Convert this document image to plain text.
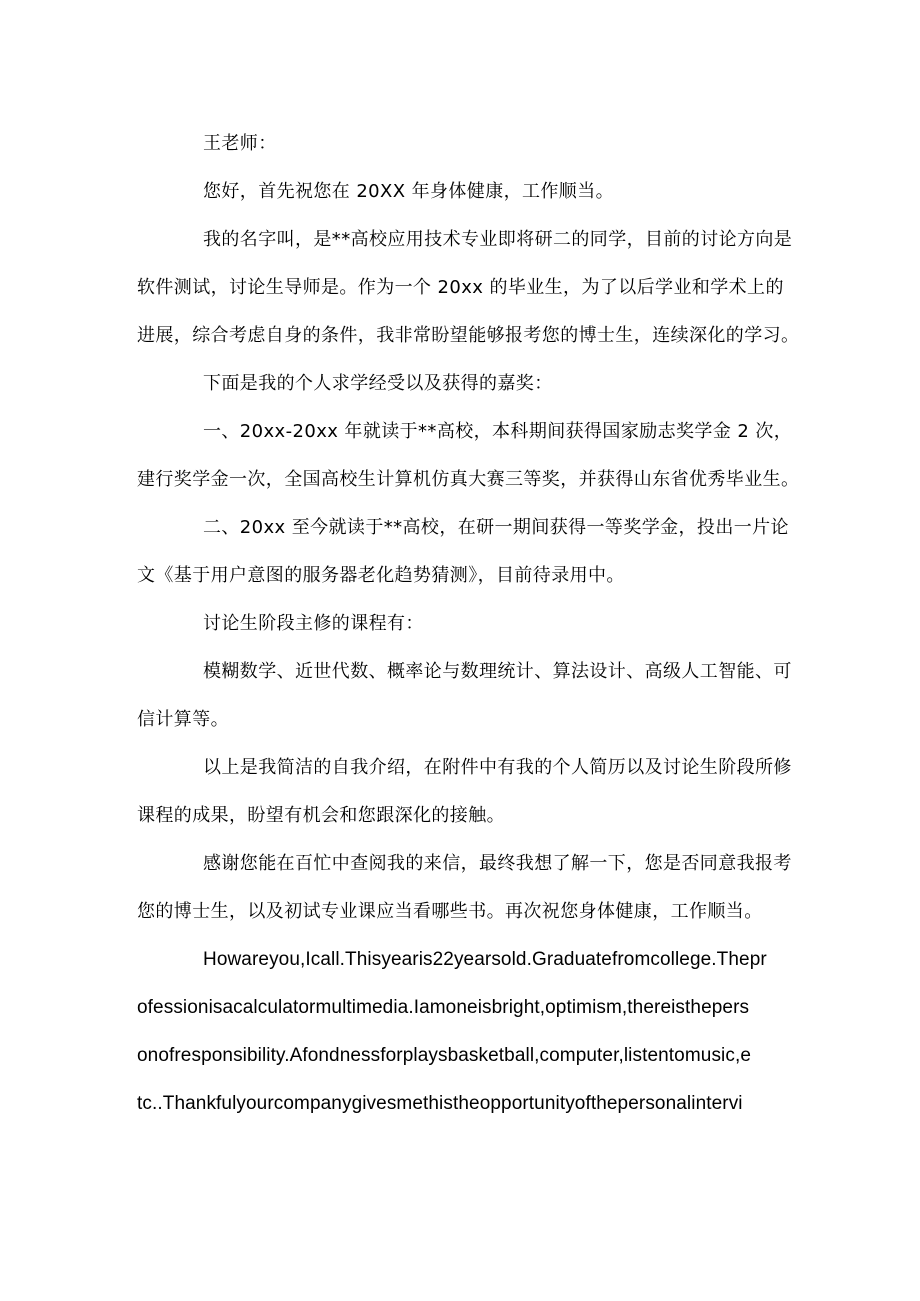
王老师：
您好，首先祝您在 20XX 年身体健康，工作顺当。
我的名字叫，是**高校应用技术专业即将研二的同学，目前的讨论方向是
软件测试，讨论生导师是。作为一个 20xx 的毕业生，为了以后学业和学术上的
进展，综合考虑自身的条件，我非常盼望能够报考您的博士生，连续深化的学习。
下面是我的个人求学经受以及获得的嘉奖：
一、20xx-20xx 年就读于**高校，本科期间获得国家励志奖学金 2 次，
建行奖学金一次，全国高校生计算机仿真大赛三等奖，并获得山东省优秀毕业生。
二、20xx 至今就读于**高校，在研一期间获得一等奖学金，投出一片论
文《基于用户意图的服务器老化趋势猜测》，目前待录用中。
讨论生阶段主修的课程有：
模糊数学、近世代数、概率论与数理统计、算法设计、高级人工智能、可
信计算等。
以上是我简洁的自我介绍，在附件中有我的个人简历以及讨论生阶段所修
课程的成果，盼望有机会和您跟深化的接触。
感谢您能在百忙中查阅我的来信，最终我想了解一下，您是否同意我报考
您的博士生，以及初试专业课应当看哪些书。再次祝您身体健康，工作顺当。
Howareyou,Icall.Thisyearis22yearsold.Graduatefromcollege.Thepr
ofessionisacalculatormultimedia.Iamoneisbright,optimism,thereisthepers
onofresponsibility.Afondnessforplaysbasketball,computer,listentomusic,e
tc..Thankfulyourcompanygivesmethistheopportunityofthepersonalintervi
